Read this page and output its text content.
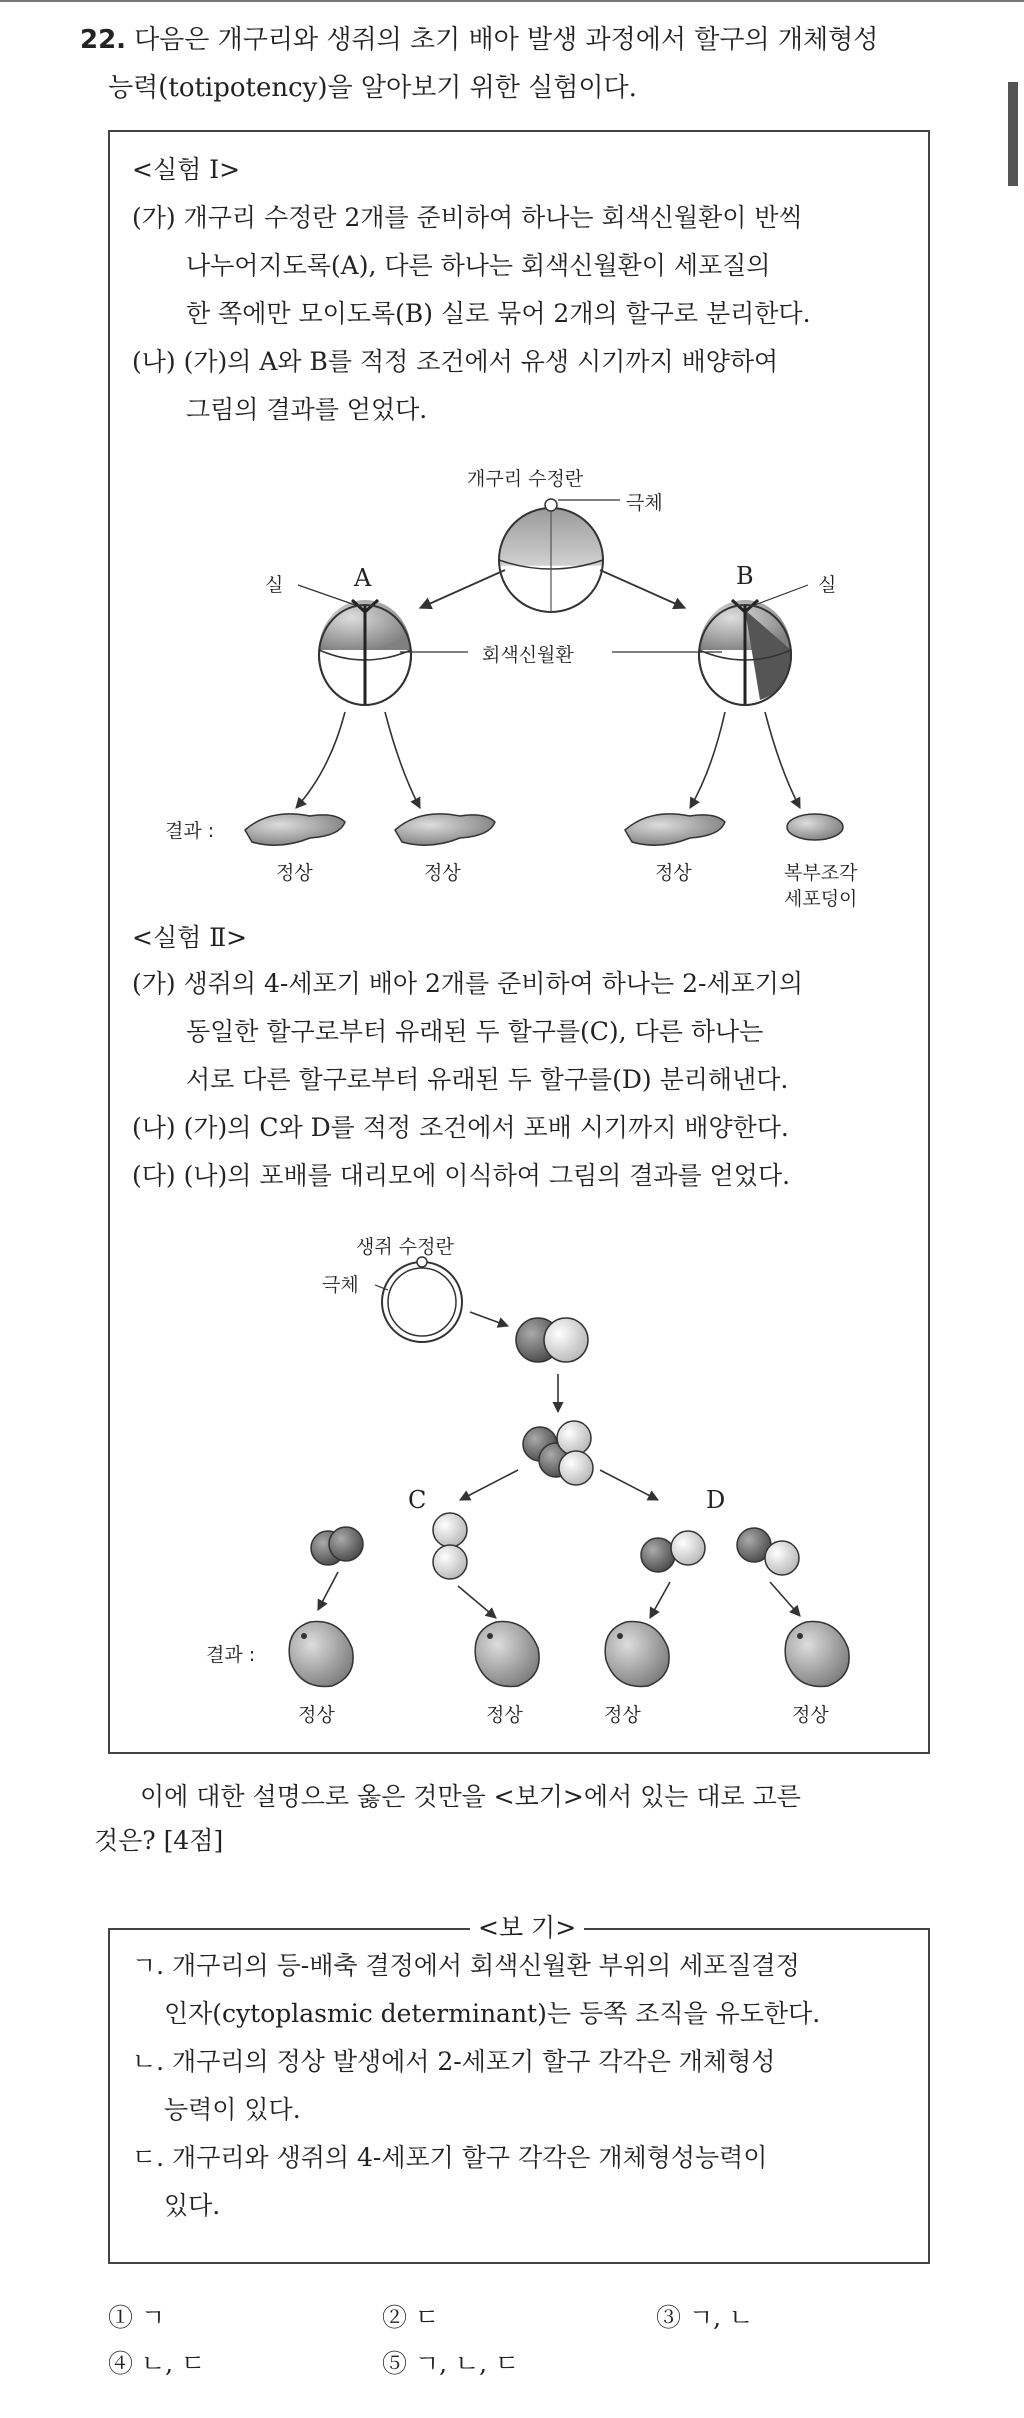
22. 다음은 개구리와 생쥐의 초기 배아 발생 과정에서 할구의 개체형성
능력(totipotency)을 알아보기 위한 실험이다.
<실험 Ⅰ>
(가) 개구리 수정란 2개를 준비하여 하나는 회색신월환이 반씩
나누어지도록(A), 다른 하나는 회색신월환이 세포질의
한 쪽에만 모이도록(B) 실로 묶어 2개의 할구로 분리한다.
(나) (가)의 A와 B를 적정 조건에서 유생 시기까지 배양하여
그림의 결과를 얻었다.
개구리 수정란
극체
실	A	B	실
회색신월환
결과 :
정상	정상	정상	복부조각
세포덩이
<실험 Ⅱ>
(가) 생쥐의 4-세포기 배아 2개를 준비하여 하나는 2-세포기의
동일한 할구로부터 유래된 두 할구를(C), 다른 하나는
서로 다른 할구로부터 유래된 두 할구를(D) 분리해낸다.
(나) (가)의 C와 D를 적정 조건에서 포배 시기까지 배양한다.
(다) (나)의 포배를 대리모에 이식하여 그림의 결과를 얻었다.
생쥐 수정란
극체
C	D
결과 :
정상	정상	정상	정상
이에 대한 설명으로 옳은 것만을 <보기>에서 있는 대로 고른
것은? [4점]
<보 기>
ㄱ. 개구리의 등-배축 결정에서 회색신월환 부위의 세포질결정
인자(cytoplasmic determinant)는 등쪽 조직을 유도한다.
ㄴ. 개구리의 정상 발생에서 2-세포기 할구 각각은 개체형성
능력이 있다.
ㄷ. 개구리와 생쥐의 4-세포기 할구 각각은 개체형성능력이
있다.
① ㄱ	② ㄷ	③ ㄱ, ㄴ
④ ㄴ, ㄷ	⑤ ㄱ, ㄴ, ㄷ
